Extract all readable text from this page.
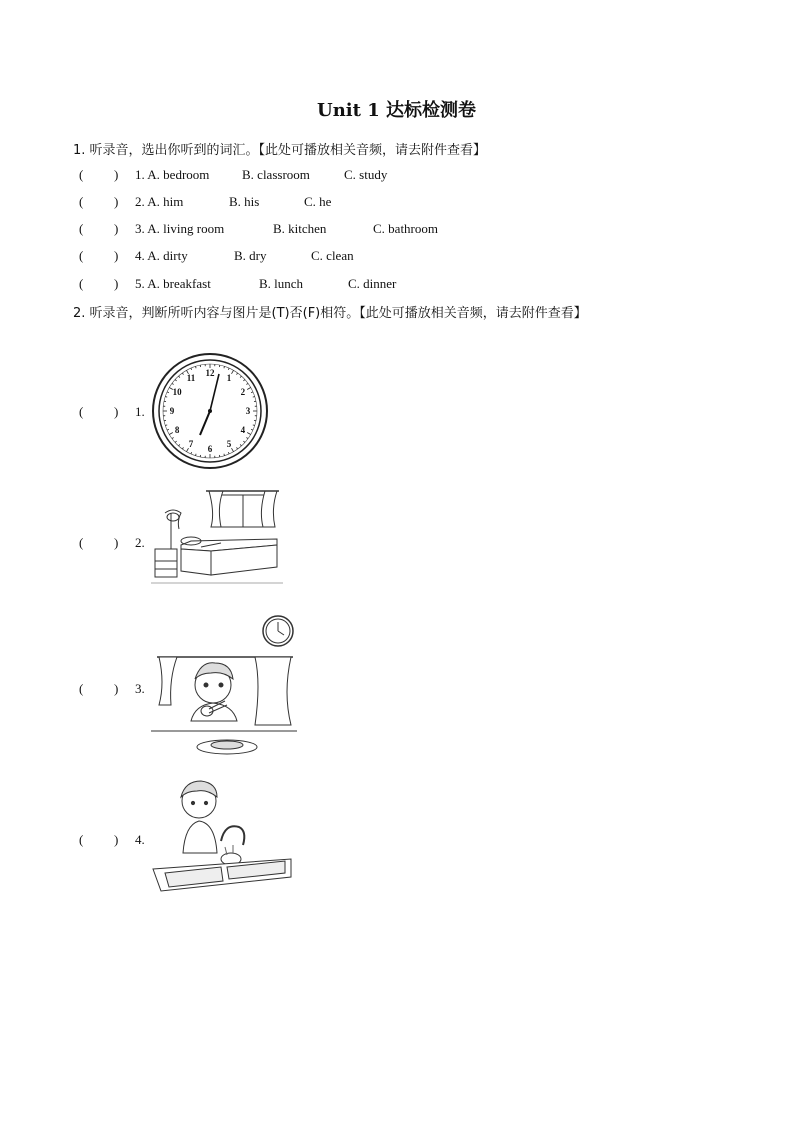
Unit 1 达标检测卷
1. 听录音，选出你听到的词汇。【此处可播放相关音频，请去附件查看】
( ) 1. A. bedroom	B. classroom	C. study
( ) 2. A. him	B. his	C. he
( ) 3. A. living room	B. kitchen	C. bathroom
( ) 4. A. dirty	B. dry	C. clean
( ) 5. A. breakfast	B. lunch	C. dinner
2. 听录音，判断所听内容与图片是(T)否(F)相符。【此处可播放相关音频，请去附件查看】
( ) 1.
12
1
2
3
4
5
6
7
8
9
10
11
( ) 2.
( ) 3.
( ) 4.
